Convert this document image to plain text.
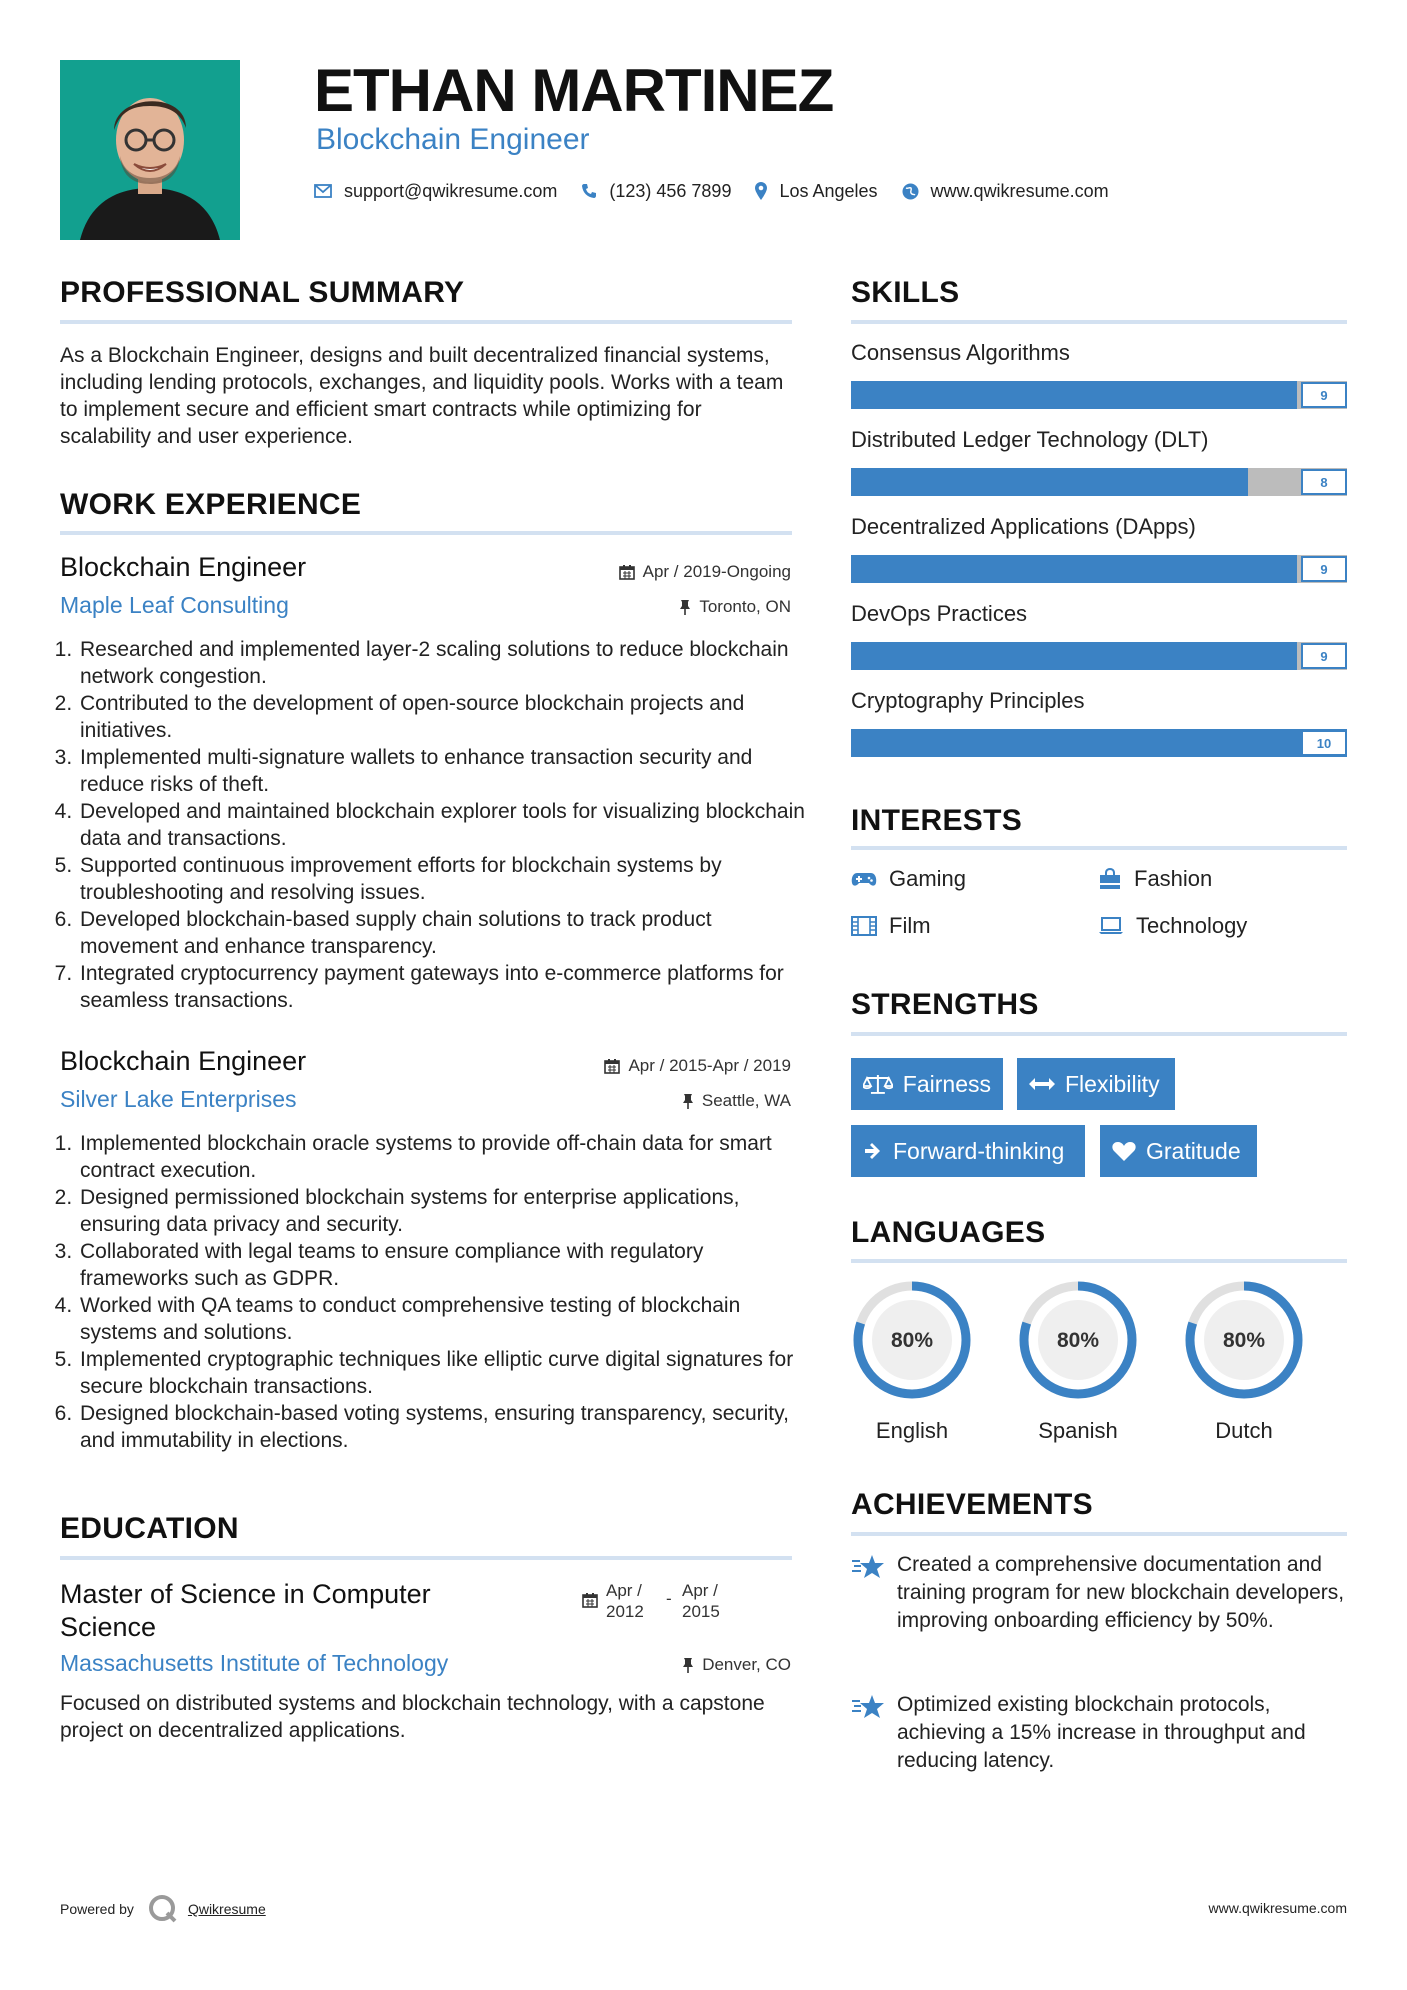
ETHAN MARTINEZ
Blockchain Engineer
support@qwikresume.com	(123) 456 7899	Los Angeles	www.qwikresume.com
PROFESSIONAL SUMMARY

As a Blockchain Engineer, designs and built decentralized financial systems, including lending protocols, exchanges, and liquidity pools. Works with a team to implement secure and efficient smart contracts while optimizing for scalability and user experience.

WORK EXPERIENCE
Blockchain Engineer	Apr / 2019-Ongoing
Maple Leaf Consulting	Toronto, ON
1. Researched and implemented layer-2 scaling solutions to reduce blockchain network congestion.
2. Contributed to the development of open-source blockchain projects and initiatives.
3. Implemented multi-signature wallets to enhance transaction security and reduce risks of theft.
4. Developed and maintained blockchain explorer tools for visualizing blockchain data and transactions.
5. Supported continuous improvement efforts for blockchain systems by troubleshooting and resolving issues.
6. Developed blockchain-based supply chain solutions to track product movement and enhance transparency.
7. Integrated cryptocurrency payment gateways into e-commerce platforms for seamless transactions.
Blockchain Engineer	Apr / 2015-Apr / 2019
Silver Lake Enterprises	Seattle, WA
1. Implemented blockchain oracle systems to provide off-chain data for smart contract execution.
2. Designed permissioned blockchain systems for enterprise applications, ensuring data privacy and security.
3. Collaborated with legal teams to ensure compliance with regulatory frameworks such as GDPR.
4. Worked with QA teams to conduct comprehensive testing of blockchain systems and solutions.
5. Implemented cryptographic techniques like elliptic curve digital signatures for secure blockchain transactions.
6. Designed blockchain-based voting systems, ensuring transparency, security, and immutability in elections.
EDUCATION
Master of Science in Computer Science
Apr / 2012
- Apr / 2015
Massachusetts Institute of Technology	Denver, CO

Focused on distributed systems and blockchain technology, with a capstone project on decentralized applications.

SKILLS
Consensus Algorithms
9
Distributed Ledger Technology (DLT)
8
Decentralized Applications (DApps)
9
DevOps Practices
9
Cryptography Principles
10
INTERESTS
Gaming	Fashion
Film	Technology
STRENGTHS
Fairness	Flexibility
Forward-thinking	Gratitude
LANGUAGES
80%
English
80%
Spanish
80%
Dutch
ACHIEVEMENTS
Created a comprehensive documentation and training program for new blockchain developers, improving onboarding efficiency by 50%.
Optimized existing blockchain protocols, achieving a 15% increase in throughput and reducing latency.
Powered by	Qwikresume	www.qwikresume.com
